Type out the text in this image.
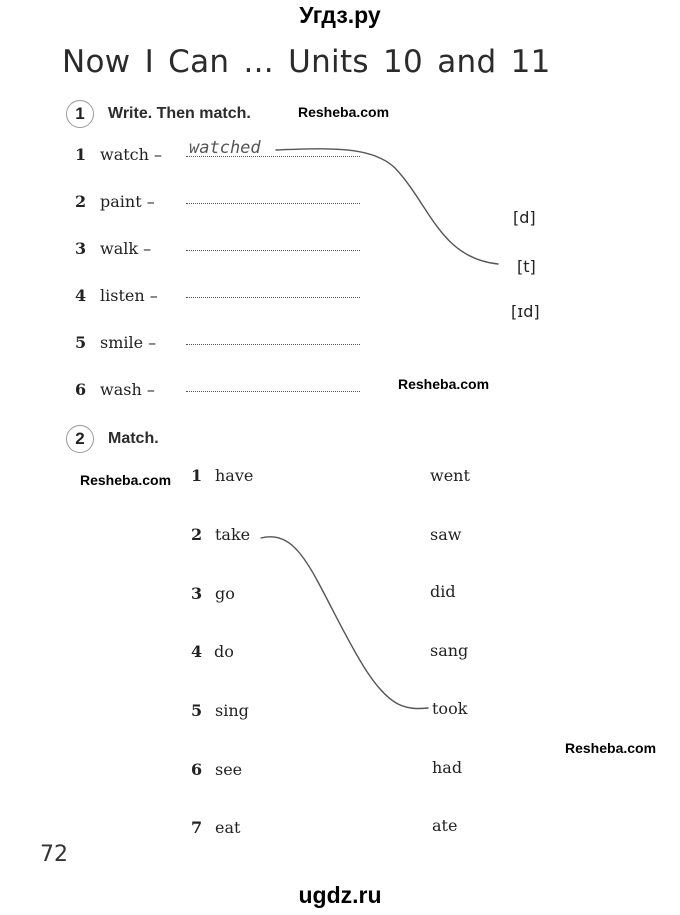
Угдз.ру
Now I Can ... Units 10 and 11
1	Write. Then match.	Resheba.com
1 watch – watched
2 paint –
3 walk –
4 listen –
5 smile –
6 wash –
[d]
[t]
[ɪd]
Resheba.com
2	Match.
Resheba.com 1 have	went
2 take	saw
3 go	did
4 do	sang
5 sing	took
6 see	had
7 eat	ate
Resheba.com
72
ugdz.ru
